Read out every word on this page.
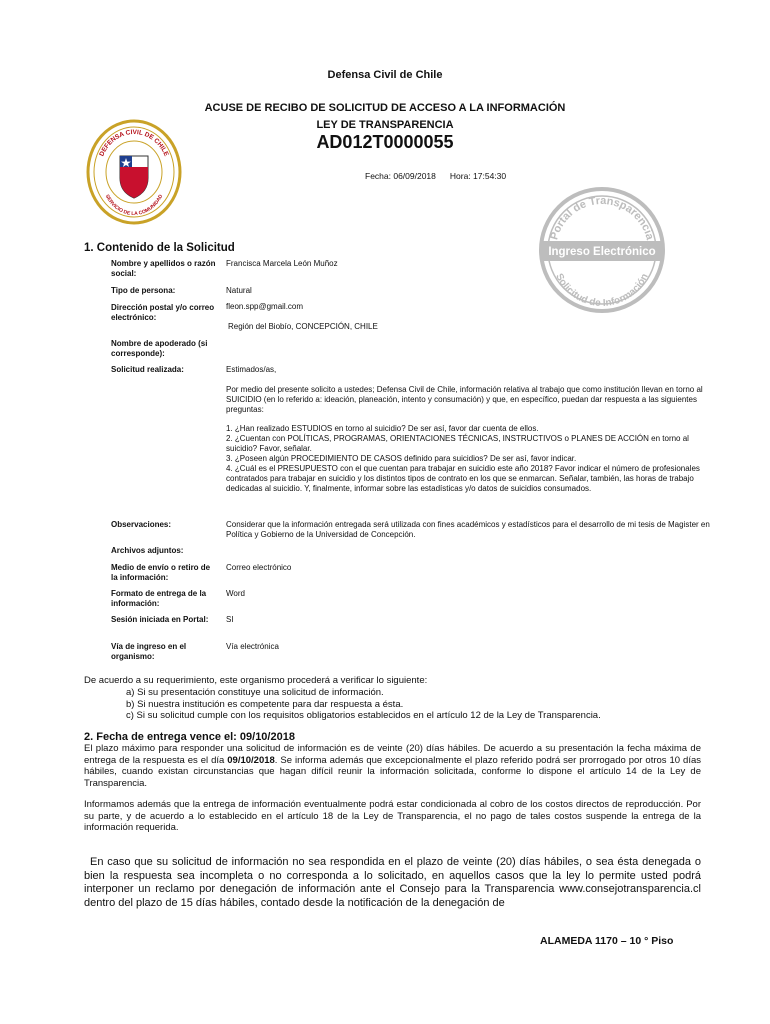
DEFENSA CIVIL DE CHILE
SERVICIO DE LA COMUNIDAD
Portal de Transparencia
Ingreso Electrónico
Solicitud de Información
Defensa Civil de Chile
ACUSE DE RECIBO DE SOLICITUD DE ACCESO A LA INFORMACIÓN
LEY DE TRANSPARENCIA
AD012T0000055
Fecha: 06/09/2018 Hora: 17:54:30
1. Contenido de la Solicitud
Nombre y apellidos o razón social:
Francisca Marcela León Muñoz
Tipo de persona:	Natural
Dirección postal y/o correo electrónico:
fleon.spp@gmail.com
Región del Biobío, CONCEPCIÓN, CHILE
Nombre de apoderado (si corresponde):
Solicitud realizada:	Estimados/as,

Por medio del presente solicito a ustedes; Defensa Civil de Chile, información relativa al trabajo que como institución llevan en torno al SUICIDIO (en lo referido a: ideación, planeación, intento y consumación) y que, en específico, puedan dar respuesta a las siguientes preguntas:

1. ¿Han realizado ESTUDIOS en torno al suicidio? De ser así, favor dar cuenta de ellos.

2. ¿Cuentan con POLÍTICAS, PROGRAMAS, ORIENTACIONES TÉCNICAS, INSTRUCTIVOS o PLANES DE ACCIÓN en torno al suicidio? Favor, señalar.

3. ¿Poseen algún PROCEDIMIENTO DE CASOS definido para suicidios? De ser así, favor indicar.

4. ¿Cuál es el PRESUPUESTO con el que cuentan para trabajar en suicidio este año 2018? Favor indicar el número de profesionales contratados para trabajar en suicidio y los distintos tipos de contrato en los que se enmarcan. Señalar, también, las horas de trabajo dedicadas al suicidio. Y, finalmente, informar sobre las estadísticas y/o datos de suicidios consumados.

Observaciones:	Considerar que la información entregada será utilizada con fines académicos y estadísticos para el desarrollo de mi tesis de Magister en Política y Gobierno de la Universidad de Concepción.
Archivos adjuntos:
Medio de envío o retiro de la información:
Correo electrónico
Formato de entrega de la información:
Word
Sesión iniciada en Portal:	SI
Vía de ingreso en el organismo:
Vía electrónica
De acuerdo a su requerimiento, este organismo procederá a verificar lo siguiente:
a) Si su presentación constituye una solicitud de información.
b) Si nuestra institución es competente para dar respuesta a ésta.
c) Si su solicitud cumple con los requisitos obligatorios establecidos en el artículo 12 de la Ley de Transparencia.
2. Fecha de entrega vence el: 09/10/2018

El plazo máximo para responder una solicitud de información es de veinte (20) días hábiles. De acuerdo a su presentación la fecha máxima de entrega de la respuesta es el día 09/10/2018. Se informa además que excepcionalmente el plazo referido podrá ser prorrogado por otros 10 días hábiles, cuando existan circunstancias que hagan difícil reunir la información solicitada, conforme lo dispone el artículo 14 de la Ley de Transparencia.

Informamos además que la entrega de información eventualmente podrá estar condicionada al cobro de los costos directos de reproducción. Por su parte, y de acuerdo a lo establecido en el artículo 18 de la Ley de Transparencia, el no pago de tales costos suspende la entrega de la información requerida.
En caso que su solicitud de información no sea respondida en el plazo de veinte (20) días hábiles, o sea ésta denegada o bien la respuesta sea incompleta o no corresponda a lo solicitado, en aquellos casos que la ley lo permite usted podrá interponer un reclamo por denegación de información ante el Consejo para la Transparencia www.consejotransparencia.cl dentro del plazo de 15 días hábiles, contado desde la notificación de la denegación de
ALAMEDA 1170 – 10 ° Piso
